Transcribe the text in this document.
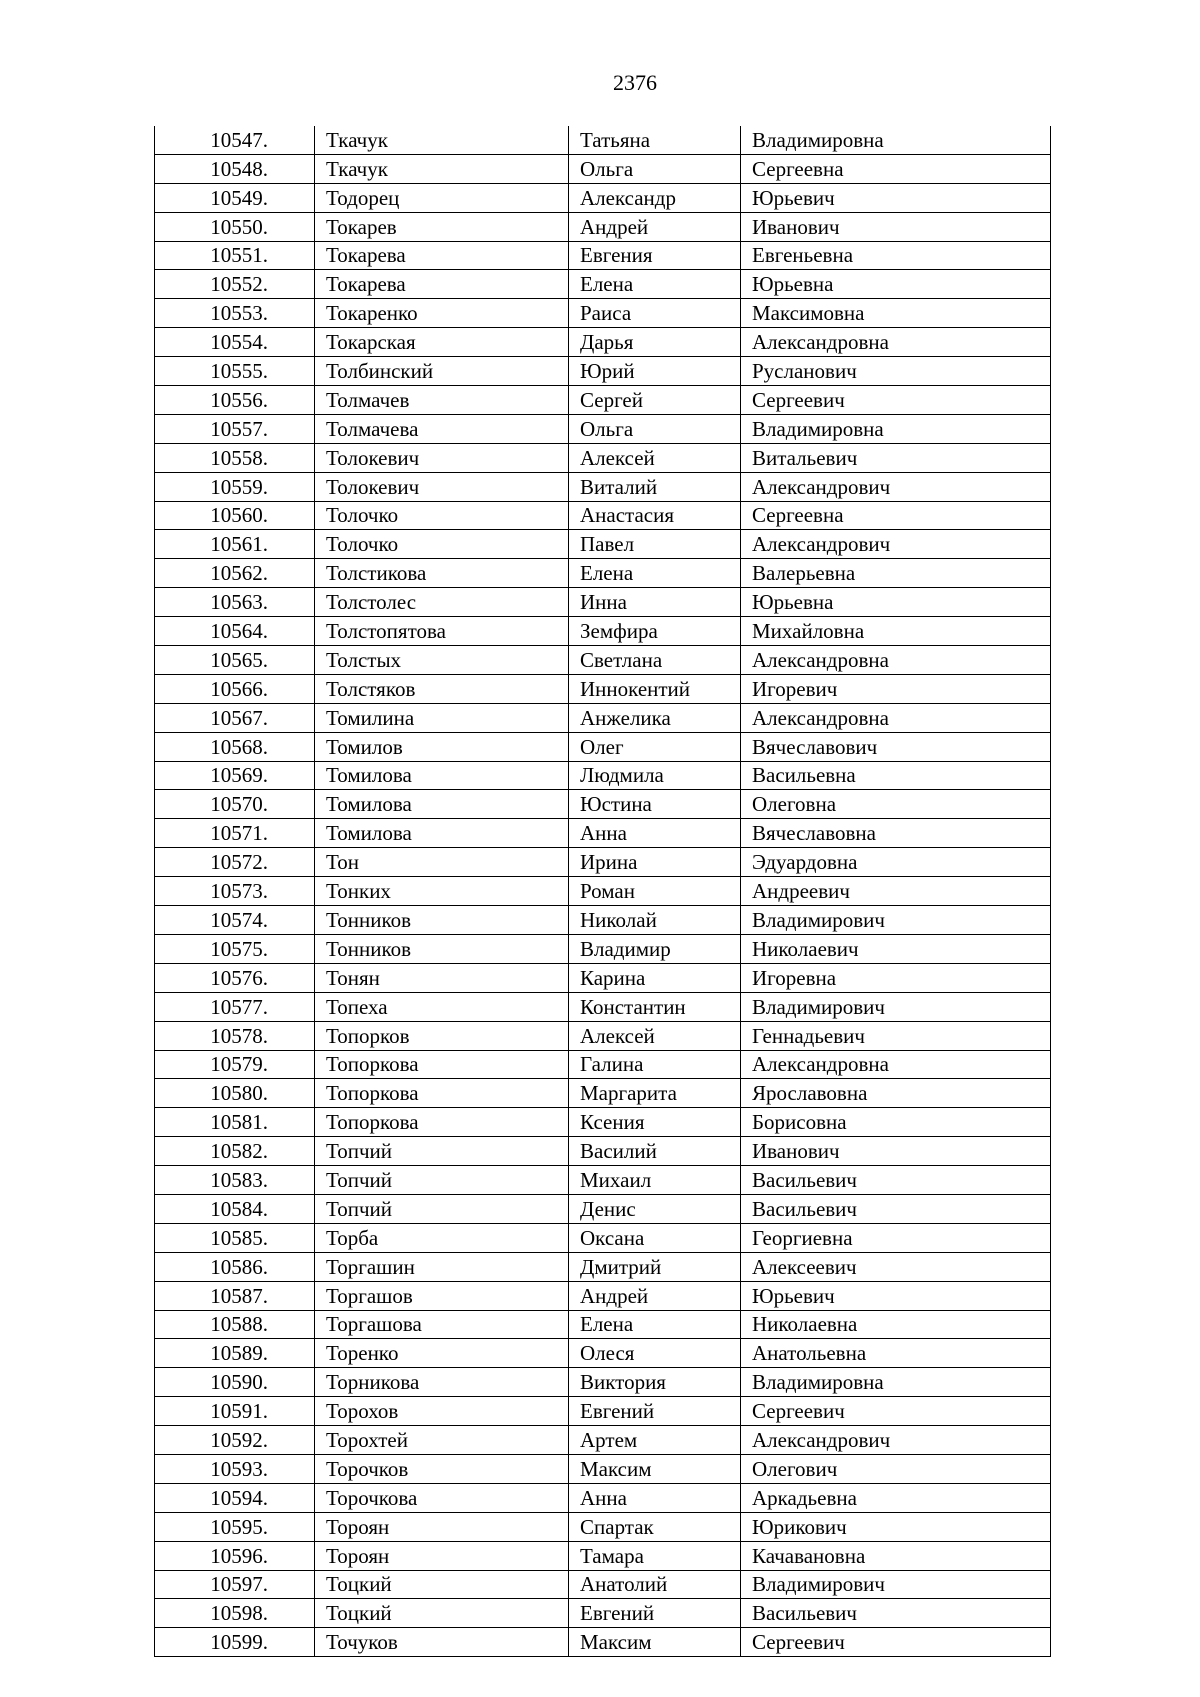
2376
10547.	Ткачук	Татьяна	Владимировна
10548.	Ткачук	Ольга	Сергеевна
10549.	Тодорец	Александр	Юрьевич
10550.	Токарев	Андрей	Иванович
10551.	Токарева	Евгения	Евгеньевна
10552.	Токарева	Елена	Юрьевна
10553.	Токаренко	Раиса	Максимовна
10554.	Токарская	Дарья	Александровна
10555.	Толбинский	Юрий	Русланович
10556.	Толмачев	Сергей	Сергеевич
10557.	Толмачева	Ольга	Владимировна
10558.	Толокевич	Алексей	Витальевич
10559.	Толокевич	Виталий	Александрович
10560.	Толочко	Анастасия	Сергеевна
10561.	Толочко	Павел	Александрович
10562.	Толстикова	Елена	Валерьевна
10563.	Толстолес	Инна	Юрьевна
10564.	Толстопятова	Земфира	Михайловна
10565.	Толстых	Светлана	Александровна
10566.	Толстяков	Иннокентий	Игоревич
10567.	Томилина	Анжелика	Александровна
10568.	Томилов	Олег	Вячеславович
10569.	Томилова	Людмила	Васильевна
10570.	Томилова	Юстина	Олеговна
10571.	Томилова	Анна	Вячеславовна
10572.	Тон	Ирина	Эдуардовна
10573.	Тонких	Роман	Андреевич
10574.	Тонников	Николай	Владимирович
10575.	Тонников	Владимир	Николаевич
10576.	Тонян	Карина	Игоревна
10577.	Топеха	Константин	Владимирович
10578.	Топорков	Алексей	Геннадьевич
10579.	Топоркова	Галина	Александровна
10580.	Топоркова	Маргарита	Ярославовна
10581.	Топоркова	Ксения	Борисовна
10582.	Топчий	Василий	Иванович
10583.	Топчий	Михаил	Васильевич
10584.	Топчий	Денис	Васильевич
10585.	Торба	Оксана	Георгиевна
10586.	Торгашин	Дмитрий	Алексеевич
10587.	Торгашов	Андрей	Юрьевич
10588.	Торгашова	Елена	Николаевна
10589.	Торенко	Олеся	Анатольевна
10590.	Торникова	Виктория	Владимировна
10591.	Торохов	Евгений	Сергеевич
10592.	Торохтей	Артем	Александрович
10593.	Торочков	Максим	Олегович
10594.	Торочкова	Анна	Аркадьевна
10595.	Тороян	Спартак	Юрикович
10596.	Тороян	Тамара	Качавановна
10597.	Тоцкий	Анатолий	Владимирович
10598.	Тоцкий	Евгений	Васильевич
10599.	Точуков	Максим	Сергеевич
